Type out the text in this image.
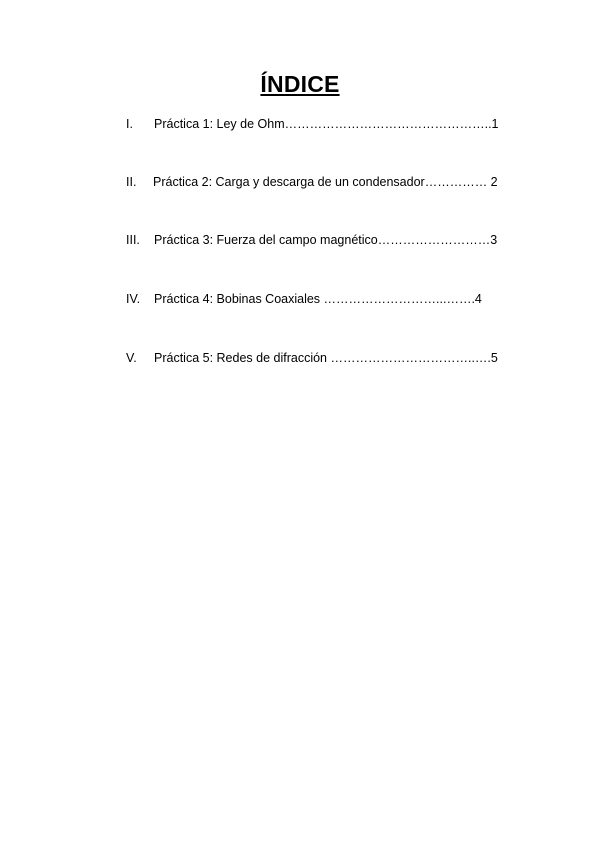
ÍNDICE
I. Práctica 1: Ley de Ohm…………………………………………..1
II. Práctica 2: Carga y descarga de un condensador…………… 2
III. Práctica 3: Fuerza del campo magnético………………………3
IV. Práctica 4: Bobinas Coaxiales ………………………...…….4
V. Práctica 5: Redes de difracción ……………………………..….5
